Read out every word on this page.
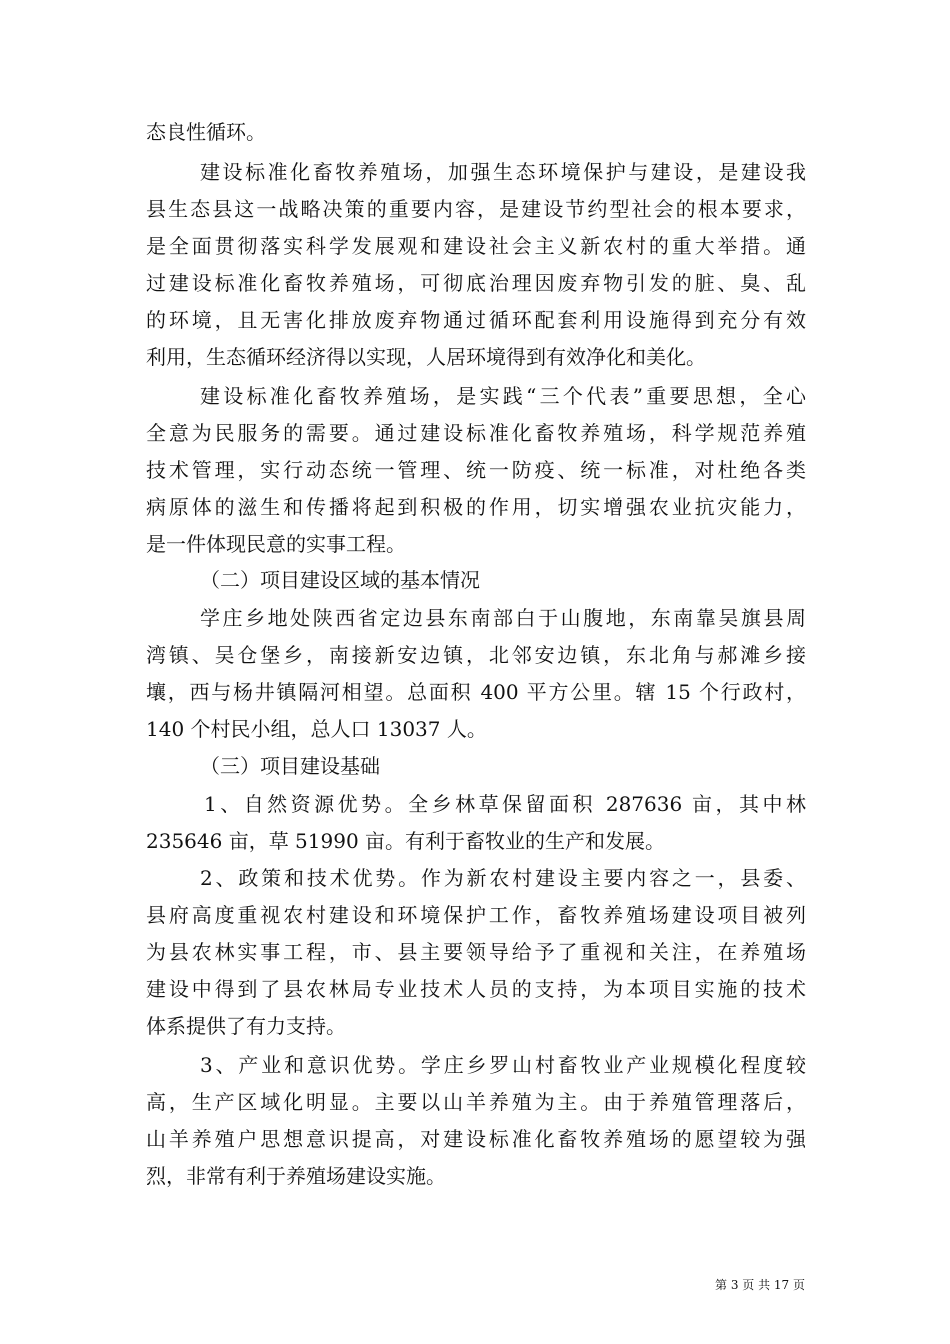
态良性循环。
建设标准化畜牧养殖场，加强生态环境保护与建设，是建设我
县生态县这一战略决策的重要内容，是建设节约型社会的根本要求，
是全面贯彻落实科学发展观和建设社会主义新农村的重大举措。通
过建设标准化畜牧养殖场，可彻底治理因废弃物引发的脏、臭、乱
的环境，且无害化排放废弃物通过循环配套利用设施得到充分有效
利用，生态循环经济得以实现，人居环境得到有效净化和美化。
建设标准化畜牧养殖场，是实践“三个代表”重要思想，全心
全意为民服务的需要。通过建设标准化畜牧养殖场，科学规范养殖
技术管理，实行动态统一管理、统一防疫、统一标准，对杜绝各类
病原体的滋生和传播将起到积极的作用，切实增强农业抗灾能力，
是一件体现民意的实事工程。
（二）项目建设区域的基本情况
学庄乡地处陕西省定边县东南部白于山腹地，东南靠吴旗县周
湾镇、吴仓堡乡，南接新安边镇，北邻安边镇，东北角与郝滩乡接
壤，西与杨井镇隔河相望。总面积 400 平方公里。辖 15 个行政村，
140 个村民小组，总人口 13037 人。
（三）项目建设基础
1、自然资源优势。全乡林草保留面积 287636 亩，其中林
235646 亩，草 51990 亩。有利于畜牧业的生产和发展。
2、政策和技术优势。作为新农村建设主要内容之一，县委、
县府高度重视农村建设和环境保护工作，畜牧养殖场建设项目被列
为县农林实事工程，市、县主要领导给予了重视和关注，在养殖场
建设中得到了县农林局专业技术人员的支持，为本项目实施的技术
体系提供了有力支持。
3、产业和意识优势。学庄乡罗山村畜牧业产业规模化程度较
高，生产区域化明显。主要以山羊养殖为主。由于养殖管理落后，
山羊养殖户思想意识提高，对建设标准化畜牧养殖场的愿望较为强
烈，非常有利于养殖场建设实施。
第 3 页 共 17 页
